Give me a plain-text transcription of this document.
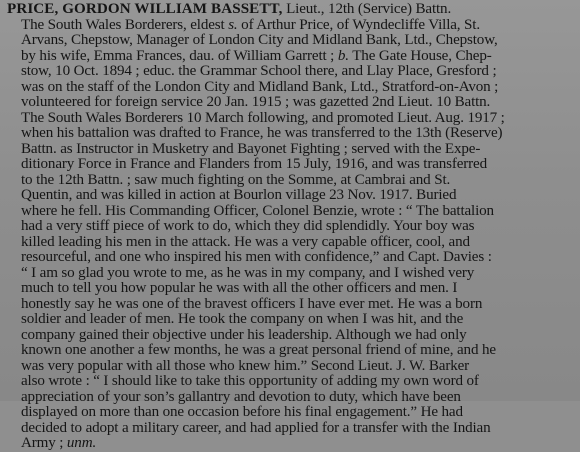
PRICE, GORDON WILLIAM BASSETT, Lieut., 12th (Service) Battn.
The South Wales Borderers, eldest s. of Arthur Price, of Wyndecliffe Villa, St.
Arvans, Chepstow, Manager of London City and Midland Bank, Ltd., Chepstow,
by his wife, Emma Frances, dau. of William Garrett ; b. The Gate House, Chep-
stow, 10 Oct. 1894 ; educ. the Grammar School there, and Llay Place, Gresford ;
was on the staff of the London City and Midland Bank, Ltd., Stratford-on-Avon ;
volunteered for foreign service 20 Jan. 1915 ; was gazetted 2nd Lieut. 10 Battn.
The South Wales Borderers 10 March following, and promoted Lieut. Aug. 1917 ;
when his battalion was drafted to France, he was transferred to the 13th (Reserve)
Battn. as Instructor in Musketry and Bayonet Fighting ; served with the Expe-
ditionary Force in France and Flanders from 15 July, 1916, and was transferred
to the 12th Battn. ; saw much fighting on the Somme, at Cambrai and St.
Quentin, and was killed in action at Bourlon village 23 Nov. 1917. Buried
where he fell. His Commanding Officer, Colonel Benzie, wrote : “ The battalion
had a very stiff piece of work to do, which they did splendidly. Your boy was
killed leading his men in the attack. He was a very capable officer, cool, and
resourceful, and one who inspired his men with confidence,” and Capt. Davies :
“ I am so glad you wrote to me, as he was in my company, and I wished very
much to tell you how popular he was with all the other officers and men. I
honestly say he was one of the bravest officers I have ever met. He was a born
soldier and leader of men. He took the company on when I was hit, and the
company gained their objective under his leadership. Although we had only
known one another a few months, he was a great personal friend of mine, and he
was very popular with all those who knew him.” Second Lieut. J. W. Barker
also wrote : “ I should like to take this opportunity of adding my own word of
appreciation of your son’s gallantry and devotion to duty, which have been
displayed on more than one occasion before his final engagement.” He had
decided to adopt a military career, and had applied for a transfer with the Indian
Army ; unm.
